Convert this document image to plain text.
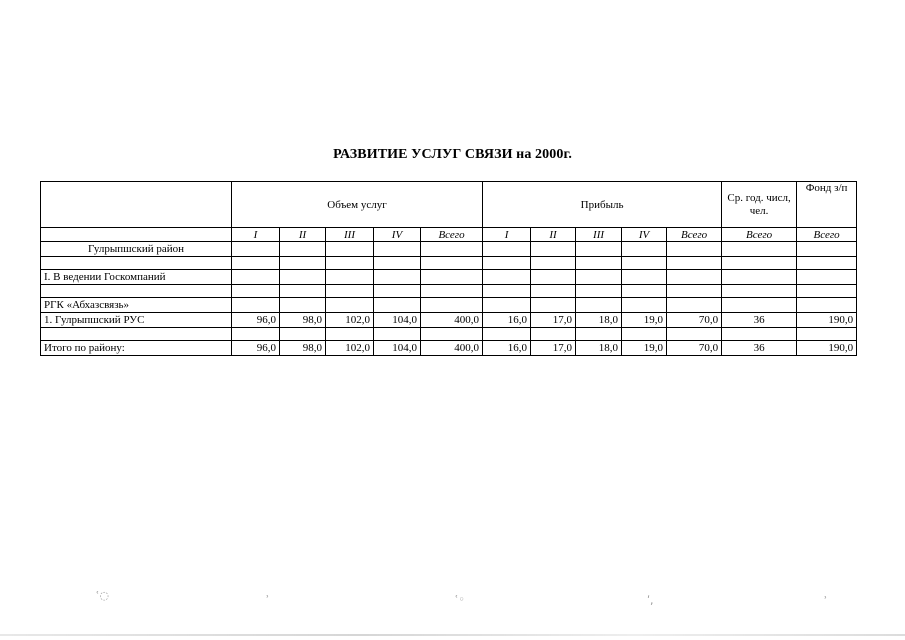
РАЗВИТИЕ УСЛУГ СВЯЗИ на 2000г.
	Объем услуг					Прибыль					Ср. год. числ, чел.	Фонд з/п
	I	II	III	IV	Всего	I	II	III	IV	Всего	Всего	Всего
Гулрыпшский район												

I. В ведении Госкомпаний												

РГК «Абхазсвязь»												
1. Гулрыпшский РУС	96,0	98,0	102,0	104,0	400,0	16,0	17,0	18,0	19,0	70,0	36	190,0

Итого по району:	96,0	98,0	102,0	104,0	400,0	16,0	17,0	18,0	19,0	70,0	36	190,0
ʿ◌	ʾ	ʿ◦	ʹ,	ʾ
